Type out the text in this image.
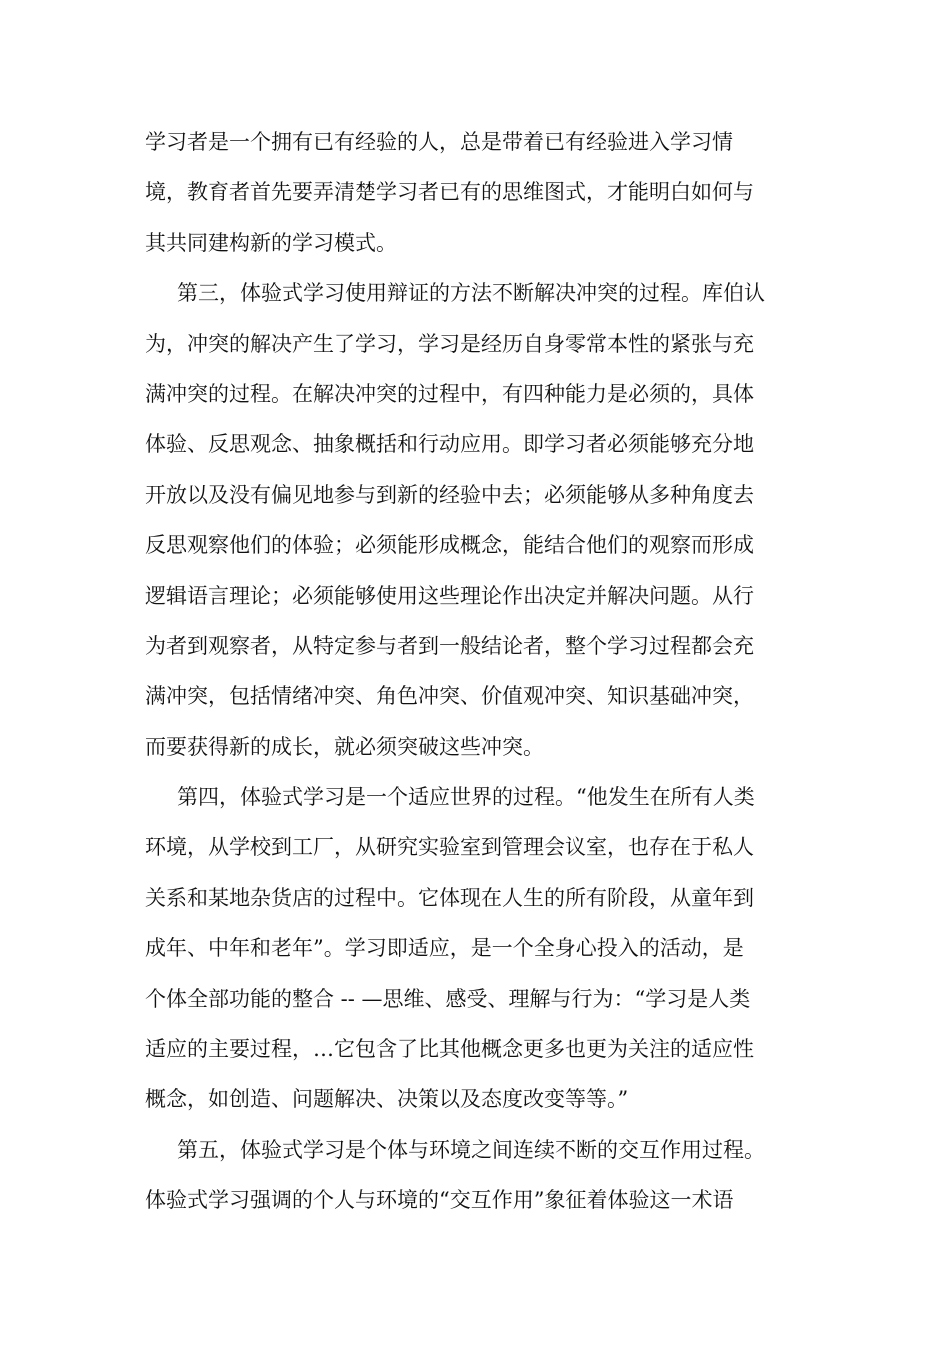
学习者是一个拥有已有经验的人，总是带着已有经验进入学习情
境，教育者首先要弄清楚学习者已有的思维图式，才能明白如何与
其共同建构新的学习模式。
第三，体验式学习使用辩证的方法不断解决冲突的过程。库伯认
为，冲突的解决产生了学习，学习是经历自身零常本性的紧张与充
满冲突的过程。在解决冲突的过程中，有四种能力是必须的，具体
体验、反思观念、抽象概括和行动应用。即学习者必须能够充分地
开放以及没有偏见地参与到新的经验中去；必须能够从多种角度去
反思观察他们的体验；必须能形成概念，能结合他们的观察而形成
逻辑语言理论；必须能够使用这些理论作出决定并解决问题。从行
为者到观察者，从特定参与者到一般结论者，整个学习过程都会充
满冲突，包括情绪冲突、角色冲突、价值观冲突、知识基础冲突，
而要获得新的成长，就必须突破这些冲突。
第四，体验式学习是一个适应世界的过程。“他发生在所有人类
环境，从学校到工厂，从研究实验室到管理会议室，也存在于私人
关系和某地杂货店的过程中。它体现在人生的所有阶段，从童年到
成年、中年和老年”。学习即适应，是一个全身心投入的活动，是
个体全部功能的整合 -- —思维、感受、理解与行为：“学习是人类
适应的主要过程，…它包含了比其他概念更多也更为关注的适应性
概念，如创造、问题解决、决策以及态度改变等等。”
第五，体验式学习是个体与环境之间连续不断的交互作用过程。
体验式学习强调的个人与环境的“交互作用”象征着体验这一术语
